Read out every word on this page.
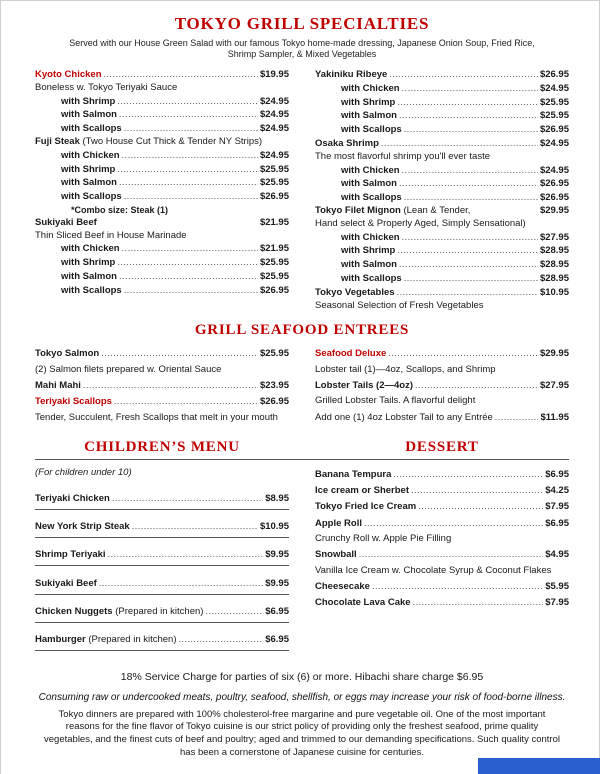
TOKYO GRILL SPECIALTIES

Served with our House Green Salad with our famous Tokyo home-made dressing, Japanese Onion Soup, Fried Rice, Shrimp Sampler, & Mixed Vegetables

Kyoto Chicken .....	$19.95
Boneless w. Tokyo Teriyaki Sauce
with Shrimp .....	$24.95
with Salmon .....	$24.95
with Scallops .....	$24.95
Fuji Steak (Two House Cut Thick & Tender NY Strips)
with Chicken .....	$24.95
with Shrimp .....	$25.95
with Salmon .....	$25.95
with Scallops .....	$26.95
*Combo size: Steak (1)
Sukiyaki Beef	$21.95
Thin Sliced Beef in House Marinade
with Chicken .....	$21.95
with Shrimp .....	$25.95
with Salmon .....	$25.95
with Scallops .....	$26.95
Yakiniku Ribeye .....	$26.95
with Chicken .....	$24.95
with Shrimp .....	$25.95
with Salmon .....	$25.95
with Scallops .....	$26.95
Osaka Shrimp .....	$24.95
The most flavorful shrimp you'll ever taste
with Chicken .....	$24.95
with Salmon .....	$26.95
with Scallops .....	$26.95
Tokyo Filet Mignon (Lean & Tender,	$29.95
Hand select & Properly Aged, Simply Sensational)
with Chicken .....	$27.95
with Shrimp .....	$28.95
with Salmon .....	$28.95
with Scallops .....	$28.95
Tokyo Vegetables .....	$10.95
Seasonal Selection of Fresh Vegetables
GRILL SEAFOOD ENTREES
Tokyo Salmon .....	$25.95
(2) Salmon filets prepared w. Oriental Sauce
Mahi Mahi .....	$23.95
Teriyaki Scallops .....	$26.95
Tender, Succulent, Fresh Scallops that melt in your mouth
Seafood Deluxe .....	$29.95
Lobster tail (1)—4oz, Scallops, and Shrimp
Lobster Tails (2—4oz) .....	$27.95
Grilled Lobster Tails. A flavorful delight
Add one (1) 4oz Lobster Tail to any Entrée .....	$11.95
CHILDREN’S MENU	DESSERT

(For children under 10)

Teriyaki Chicken .....	$8.95
New York Strip Steak .....	$10.95
Shrimp Teriyaki .....	$9.95
Sukiyaki Beef .....	$9.95
Chicken Nuggets (Prepared in kitchen) .....	$6.95
Hamburger (Prepared in kitchen) .....	$6.95
Banana Tempura .....	$6.95
Ice cream or Sherbet .....	$4.25
Tokyo Fried Ice Cream .....	$7.95
Apple Roll .....	$6.95
Crunchy Roll w. Apple Pie Filling
Snowball .....	$4.95
Vanilla Ice Cream w. Chocolate Syrup & Coconut Flakes
Cheesecake .....	$5.95
Chocolate Lava Cake .....	$7.95

18% Service Charge for parties of six (6) or more. Hibachi share charge $6.95

Consuming raw or undercooked meats, poultry, seafood, shellfish, or eggs may increase your risk of food-borne illness.

Tokyo dinners are prepared with 100% cholesterol-free margarine and pure vegetable oil. One of the most important reasons for the fine flavor of Tokyo cuisine is our strict policy of providing only the freshest seafood, prime quality vegetables, and the finest cuts of beef and poultry; aged and trimmed to our demanding specifications. Such quality control has been a cornerstone of Japanese cuisine for centuries.
